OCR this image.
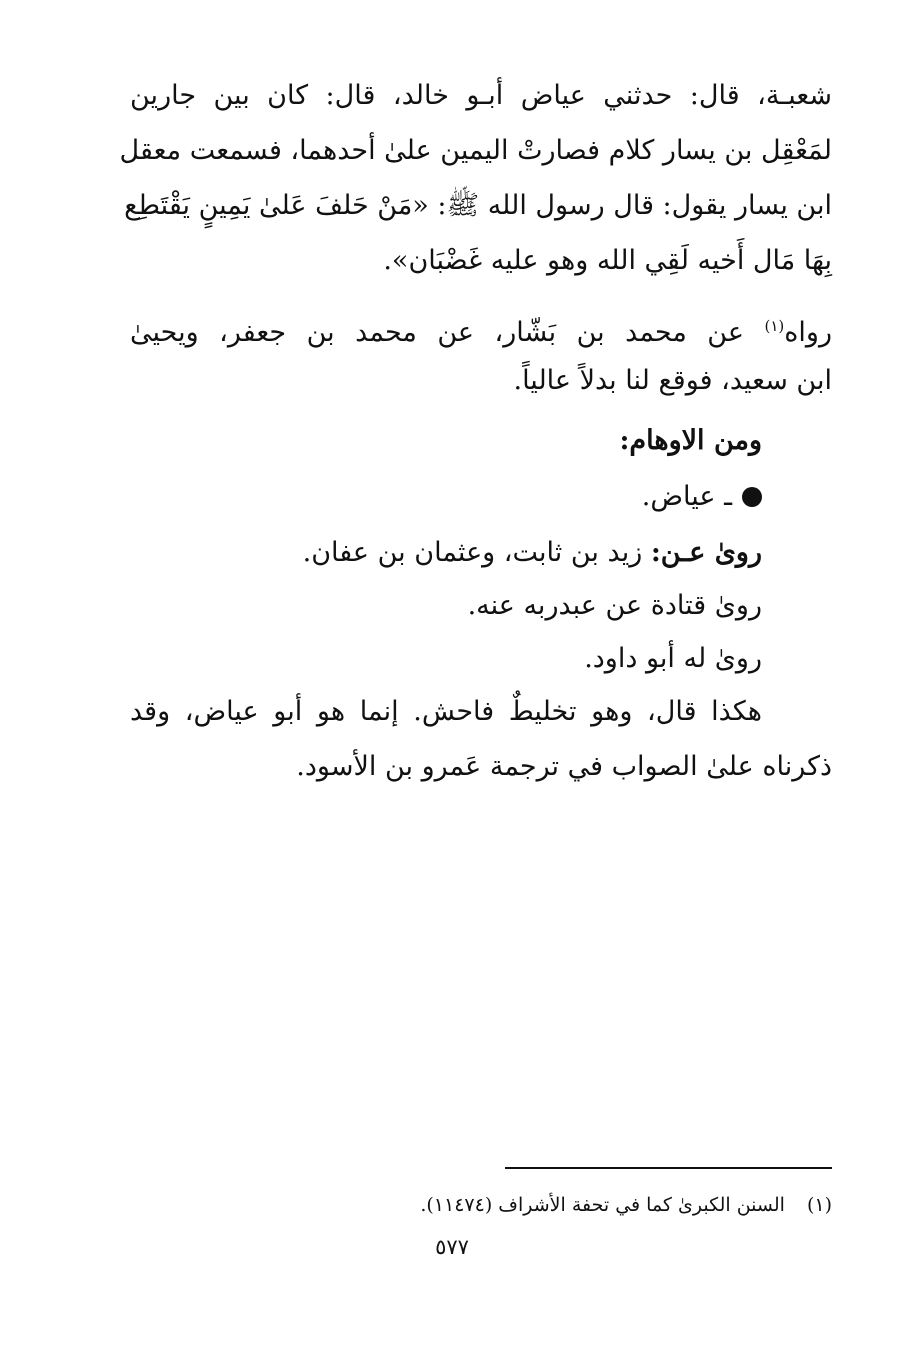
شعبـة، قال: حدثني عياض أبـو خالد، قال: كان بين جارين
لمَعْقِل بن يسار كلام فصارتْ اليمين علىٰ أحدهما، فسمعت معقل
ابن يسار يقول: قال رسول الله ﷺ: «مَنْ حَلفَ عَلىٰ يَمِينٍ يَقْتَطِع
بِهَا مَال أَخيه لَقِي الله وهو عليه غَضْبَان».
رواه$^{(١)}$ عن محمد بن بَشّار، عن محمد بن جعفر، ويحيىٰ
ابن سعيد، فوقع لنا بدلاً عالياً.
ومن الاوهام:
ـ عياض.
روىٰ عـن: زيد بن ثابت، وعثمان بن عفان.
روىٰ قتادة عن عبدربه عنه.
روىٰ له أبو داود.
هكذا قال، وهو تخليطٌ فاحش. إنما هو أبو عياض، وقد
ذكرناه علىٰ الصواب في ترجمة عَمرو بن الأسود.
(١)السنن الكبرىٰ كما في تحفة الأشراف (١١٤٧٤).
٥٧٧
